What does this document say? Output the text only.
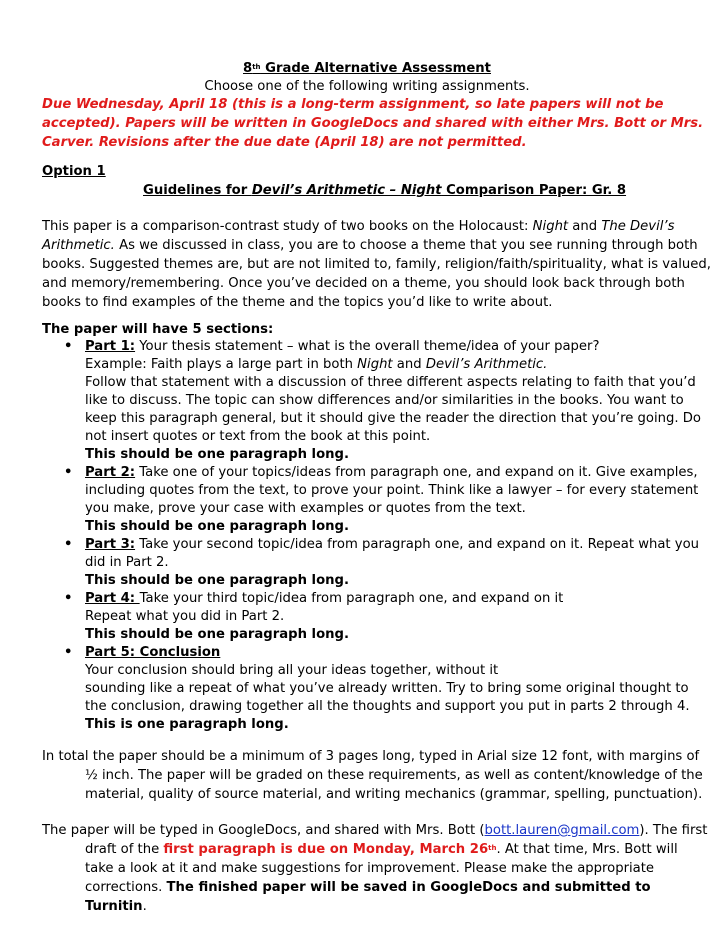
8th Grade Alternative Assessment
Choose one of the following writing assignments.
Due Wednesday, April 18 (this is a long-term assignment, so late papers will not be
accepted). Papers will be written in GoogleDocs and shared with either Mrs. Bott or Mrs.
Carver. Revisions after the due date (April 18) are not permitted.
Option 1
Guidelines for Devil’s Arithmetic – Night Comparison Paper: Gr. 8
This paper is a comparison-contrast study of two books on the Holocaust: Night and The Devil’s
Arithmetic. As we discussed in class, you are to choose a theme that you see running through both
books. Suggested themes are, but are not limited to, family, religion/faith/spirituality, what is valued,
and memory/remembering. Once you’ve decided on a theme, you should look back through both
books to find examples of the theme and the topics you’d like to write about.
The paper will have 5 sections:
• Part 1: Your thesis statement – what is the overall theme/idea of your paper?
Example: Faith plays a large part in both Night and Devil’s Arithmetic.
Follow that statement with a discussion of three different aspects relating to faith that you’d
like to discuss. The topic can show differences and/or similarities in the books. You want to
keep this paragraph general, but it should give the reader the direction that you’re going. Do
not insert quotes or text from the book at this point.
This should be one paragraph long.
• Part 2: Take one of your topics/ideas from paragraph one, and expand on it. Give examples,
including quotes from the text, to prove your point. Think like a lawyer – for every statement
you make, prove your case with examples or quotes from the text.
This should be one paragraph long.
• Part 3: Take your second topic/idea from paragraph one, and expand on it. Repeat what you
did in Part 2.
This should be one paragraph long.
• Part 4: Take your third topic/idea from paragraph one, and expand on it
Repeat what you did in Part 2.
This should be one paragraph long.
• Part 5: Conclusion
Your conclusion should bring all your ideas together, without it
sounding like a repeat of what you’ve already written. Try to bring some original thought to
the conclusion, drawing together all the thoughts and support you put in parts 2 through 4.
This is one paragraph long.
In total the paper should be a minimum of 3 pages long, typed in Arial size 12 font, with margins of
½ inch. The paper will be graded on these requirements, as well as content/knowledge of the
material, quality of source material, and writing mechanics (grammar, spelling, punctuation).
The paper will be typed in GoogleDocs, and shared with Mrs. Bott (bott.lauren@gmail.com). The first
draft of the first paragraph is due on Monday, March 26th. At that time, Mrs. Bott will
take a look at it and make suggestions for improvement. Please make the appropriate
corrections. The finished paper will be saved in GoogleDocs and submitted to
Turnitin.
